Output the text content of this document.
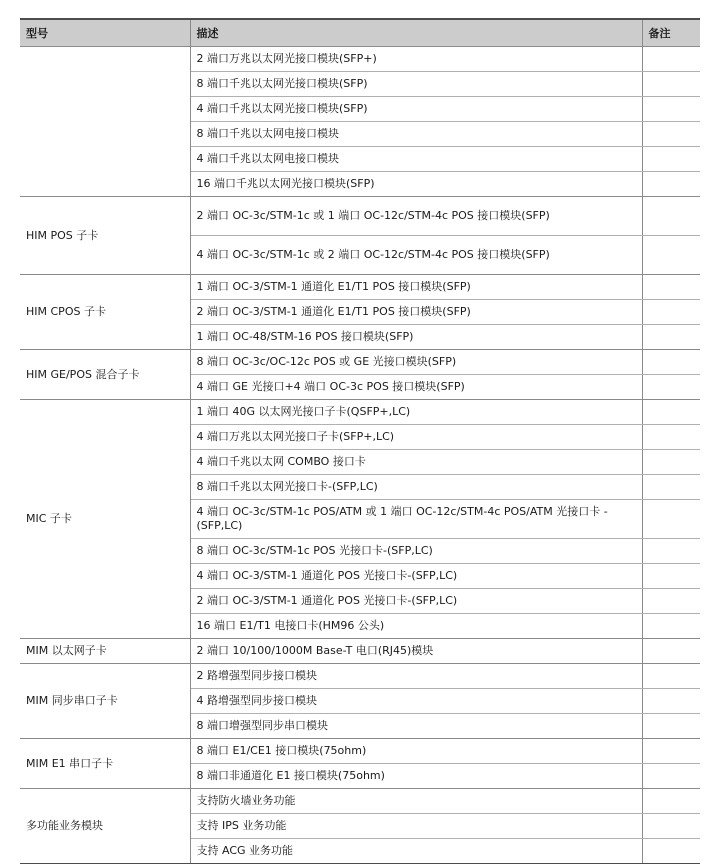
型号	描述	备注
	2 端口万兆以太网光接口模块(SFP+)	
	8 端口千兆以太网光接口模块(SFP)	
	4 端口千兆以太网光接口模块(SFP)	
	8 端口千兆以太网电接口模块	
	4 端口千兆以太网电接口模块	
	16 端口千兆以太网光接口模块(SFP)	
HIM POS 子卡	2 端口 OC-3c/STM-1c 或 1 端口 OC-12c/STM-4c POS 接口模块(SFP)	
	4 端口 OC-3c/STM-1c 或 2 端口 OC-12c/STM-4c POS 接口模块(SFP)	
HIM CPOS 子卡	1 端口 OC-3/STM-1 通道化 E1/T1 POS 接口模块(SFP)	
	2 端口 OC-3/STM-1 通道化 E1/T1 POS 接口模块(SFP)	
	1 端口 OC-48/STM-16 POS 接口模块(SFP)	
HIM GE/POS 混合子卡	8 端口 OC-3c/OC-12c POS 或 GE 光接口模块(SFP)	
	4 端口 GE 光接口+4 端口 OC-3c POS 接口模块(SFP)	
MIC 子卡	1 端口 40G 以太网光接口子卡(QSFP+,LC)	
	4 端口万兆以太网光接口子卡(SFP+,LC)	
	4 端口千兆以太网 COMBO 接口卡	
	8 端口千兆以太网光接口卡-(SFP,LC)	
	4 端口 OC-3c/STM-1c POS/ATM 或 1 端口 OC-12c/STM-4c POS/ATM 光接口卡 -(SFP,LC)	
	8 端口 OC-3c/STM-1c POS 光接口卡-(SFP,LC)	
	4 端口 OC-3/STM-1 通道化 POS 光接口卡-(SFP,LC)	
	2 端口 OC-3/STM-1 通道化 POS 光接口卡-(SFP,LC)	
	16 端口 E1/T1 电接口卡(HM96 公头)	
MIM 以太网子卡	2 端口 10/100/1000M Base-T 电口(RJ45)模块	
MIM 同步串口子卡	2 路增强型同步接口模块	
	4 路增强型同步接口模块	
	8 端口增强型同步串口模块	
MIM E1 串口子卡	8 端口 E1/CE1 接口模块(75ohm)	
	8 端口非通道化 E1 接口模块(75ohm)	
多功能业务模块	支持防火墙业务功能	
	支持 IPS 业务功能	
	支持 ACG 业务功能	
